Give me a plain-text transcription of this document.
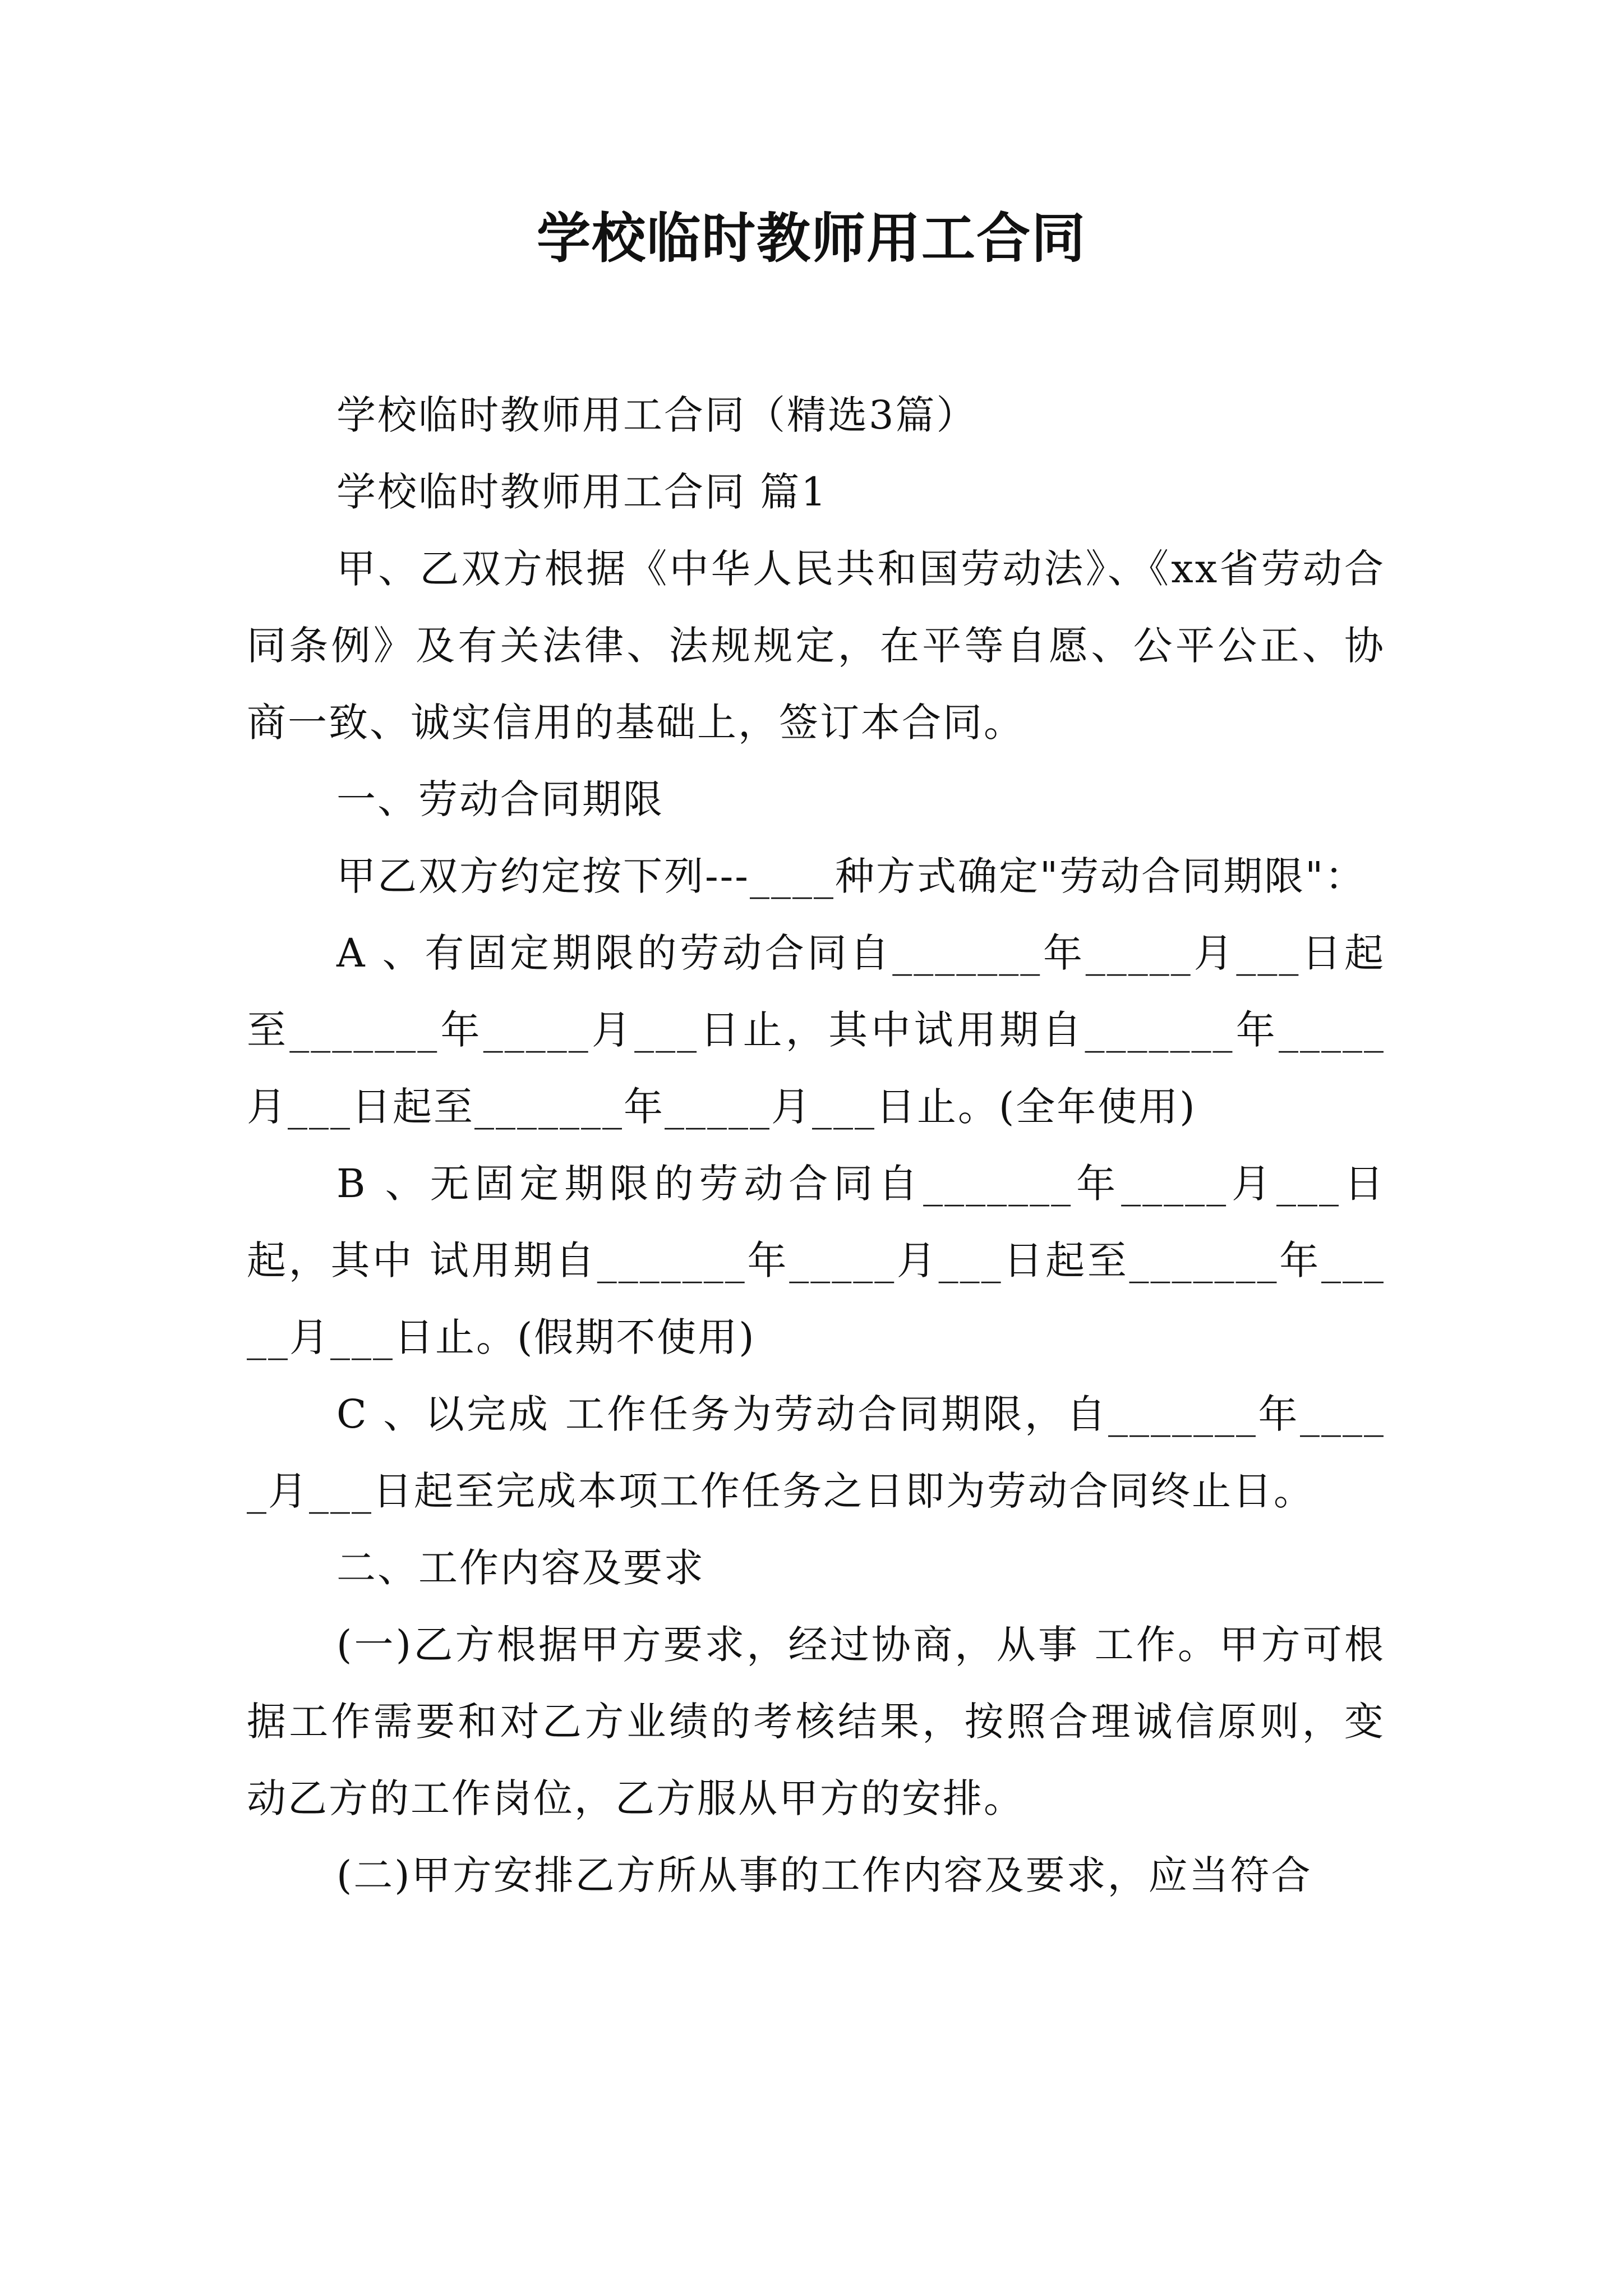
学校临时教师用工合同

学校临时教师用工合同（精选3篇）

学校临时教师用工合同 篇1

甲、乙双方根据《中华人民共和国劳动法》、《xx省劳动合同条例》及有关法律、法规规定，在平等自愿、公平公正、协商一致、诚实信用的基础上，签订本合同。

一、劳动合同期限

甲乙双方约定按下列---____种方式确定"劳动合同期限"：

A 、有固定期限的劳动合同自_______年_____月___日起至_______年_____月___日止，其中试用期自_______年_____月___日起至_______年_____月___日止。(全年使用)

B 、无固定期限的劳动合同自_______年_____月___日起，其中 试用期自_______年_____月___日起至_______年_____月___日止。(假期不使用)

C 、以完成 工作任务为劳动合同期限，自_______年_____月___日起至完成本项工作任务之日即为劳动合同终止日。

二、工作内容及要求

(一)乙方根据甲方要求，经过协商，从事 工作。甲方可根据工作需要和对乙方业绩的考核结果，按照合理诚信原则，变动乙方的工作岗位，乙方服从甲方的安排。

(二)甲方安排乙方所从事的工作内容及要求，应当符合
